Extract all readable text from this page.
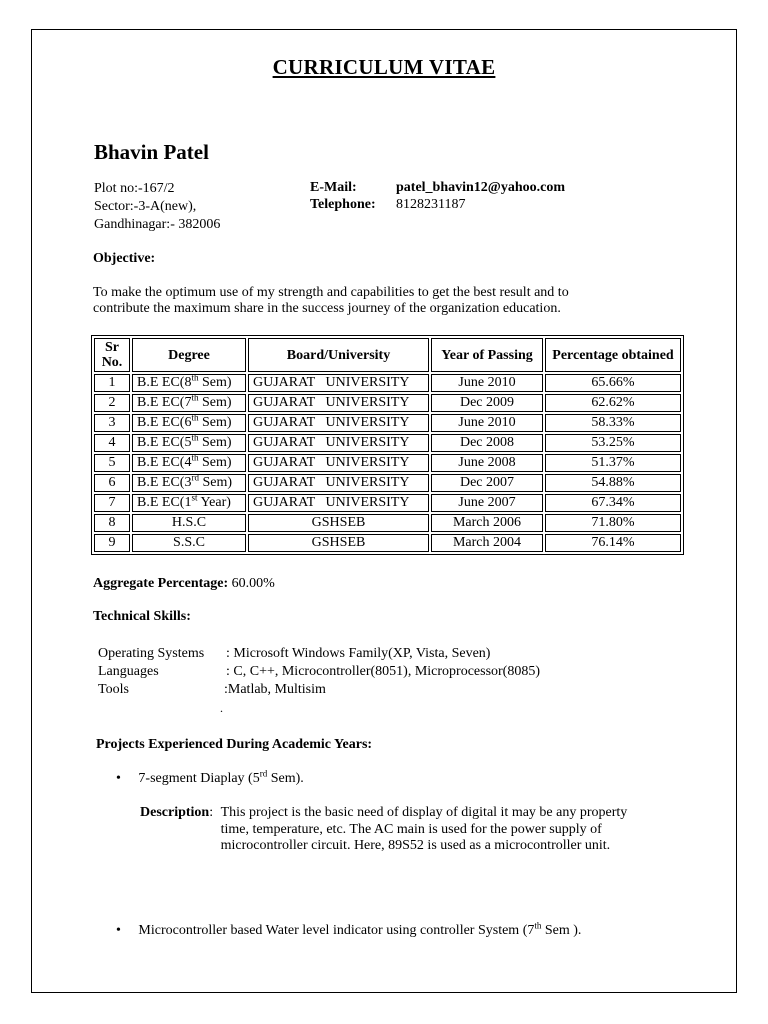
CURRICULUM VITAE
Bhavin Patel
Plot no:-167/2
Sector:-3-A(new),
Gandhinagar:- 382006
E-Mail:	patel_bhavin12@yahoo.com
Telephone: 8128231187
Objective:
To make the optimum use of my strength and capabilities to get the best result and to
contribute the maximum share in the success journey of the organization education.
Sr No.	Degree	Board/University	Year of Passing	Percentage obtained
1	B.E EC(8th Sem)	GUJARAT   UNIVERSITY	June 2010	65.66%
2	B.E EC(7th Sem)	GUJARAT   UNIVERSITY	Dec 2009	62.62%
3	B.E EC(6th Sem)	GUJARAT   UNIVERSITY	June 2010	58.33%
4	B.E EC(5th Sem)	GUJARAT   UNIVERSITY	Dec 2008	53.25%
5	B.E EC(4th Sem)	GUJARAT   UNIVERSITY	June 2008	51.37%
6	B.E EC(3rd Sem)	GUJARAT   UNIVERSITY	Dec 2007	54.88%
7	B.E EC(1st Year)	GUJARAT   UNIVERSITY	June 2007	67.34%
8	H.S.C	GSHSEB	March 2006	71.80%
9	S.S.C	GSHSEB	March 2004	76.14%
Aggregate Percentage: 60.00%
Technical Skills:
Operating Systems : Microsoft Windows Family(XP, Vista, Seven)
Languages	: C, C++, Microcontroller(8051), Microprocessor(8085)
Tools	:Matlab, Multisim
.
Projects Experienced During Academic Years:
• 7-segment Diaplay (5rd Sem).
Description: This project is the basic need of display of digital it may be any property
time, temperature, etc. The AC main is used for the power supply of
microcontroller circuit. Here, 89S52 is used as a microcontroller unit.
• Microcontroller based Water level indicator using controller System (7th Sem ).
